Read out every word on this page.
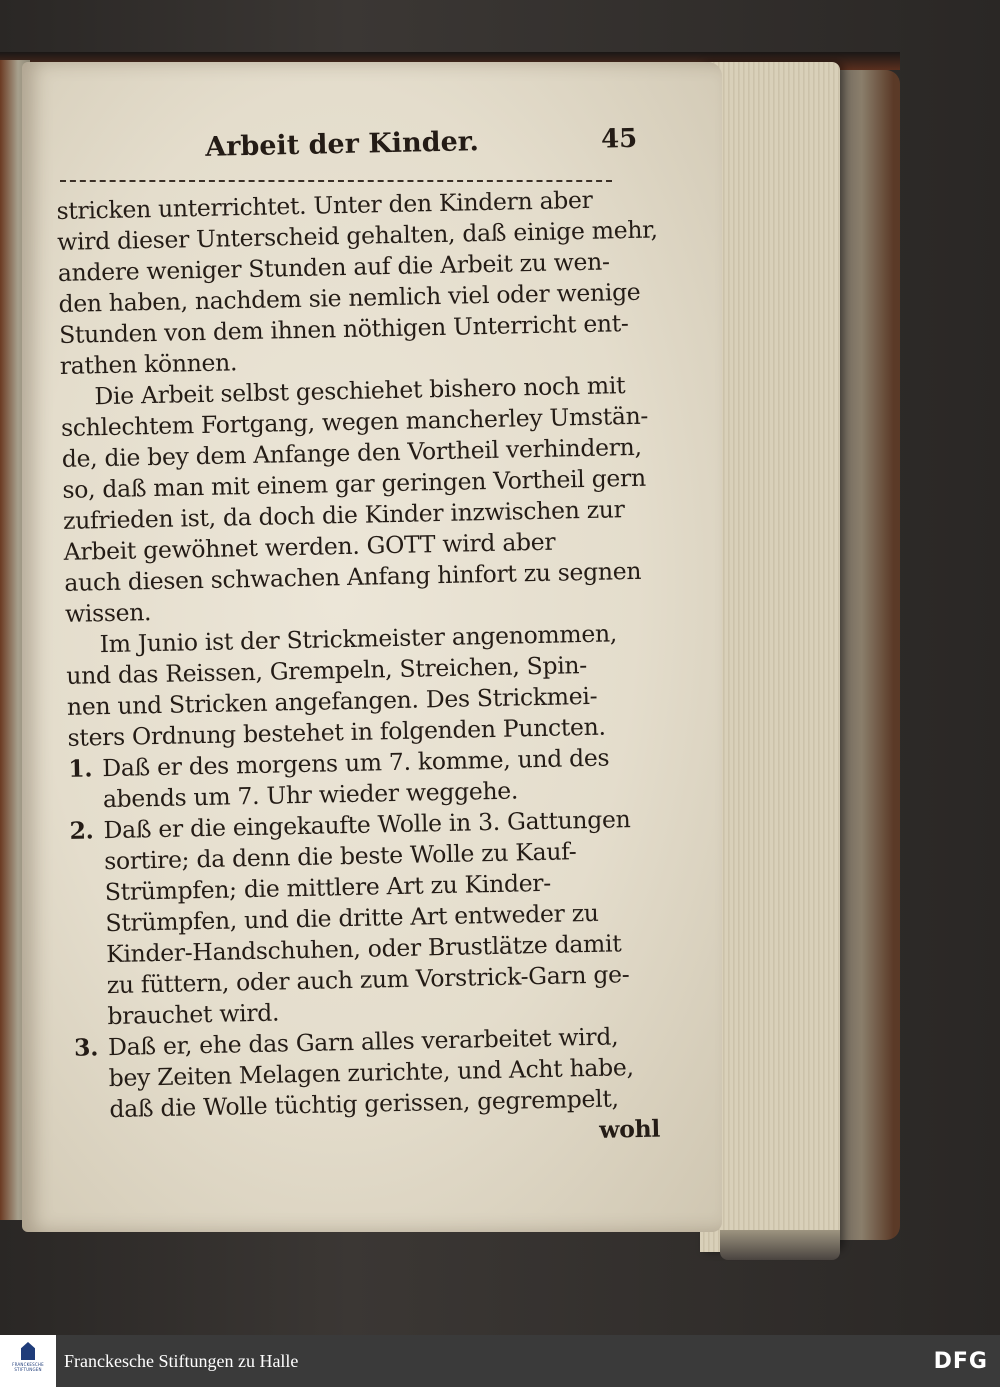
Arbeit der Kinder.	45
stricken unterrichtet. Unter den Kindern aber
wird dieser Unterscheid gehalten, daß einige mehr,
andere weniger Stunden auf die Arbeit zu wen-
den haben, nachdem sie nemlich viel oder wenige
Stunden von dem ihnen nöthigen Unterricht ent-
rathen können.
Die Arbeit selbst geschiehet bishero noch mit
schlechtem Fortgang, wegen mancherley Umstän-
de, die bey dem Anfange den Vortheil verhindern,
so, daß man mit einem gar geringen Vortheil gern
zufrieden ist, da doch die Kinder inzwischen zur
Arbeit gewöhnet werden. GOTT wird aber
auch diesen schwachen Anfang hinfort zu segnen
wissen.
Im Junio ist der Strickmeister angenommen,
und das Reissen, Grempeln, Streichen, Spin-
nen und Stricken angefangen. Des Strickmei-
sters Ordnung bestehet in folgenden Puncten.
1. Daß er des morgens um 7. komme, und des
abends um 7. Uhr wieder weggehe.
2. Daß er die eingekaufte Wolle in 3. Gattungen
sortire; da denn die beste Wolle zu Kauf-
Strümpfen; die mittlere Art zu Kinder-
Strümpfen, und die dritte Art entweder zu
Kinder-Handschuhen, oder Brustlätze damit
zu füttern, oder auch zum Vorstrick-Garn ge-
brauchet wird.
3. Daß er, ehe das Garn alles verarbeitet wird,
bey Zeiten Melagen zurichte, und Acht habe,
daß die Wolle tüchtig gerissen, gegrempelt,
wohl
FRANCKESCHE STIFTUNGEN Franckesche Stiftungen zu Halle	DFG
